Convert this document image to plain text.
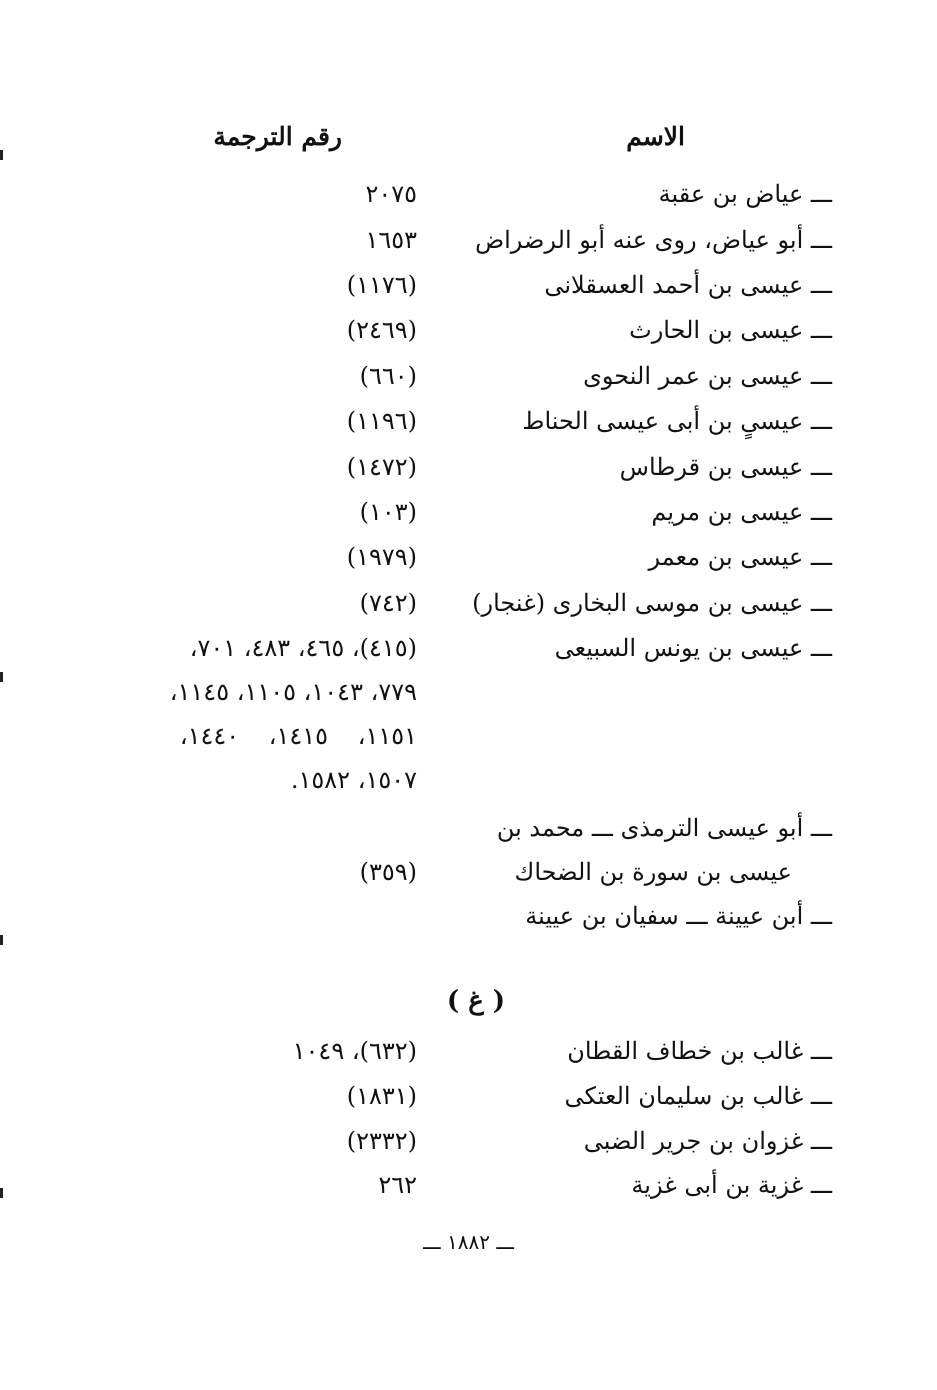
الاسم
رقم الترجمة
ـــ عياض بن عقبة
٢٠٧٥
ـــ أبو عياض، روى عنه أبو الرضراض
١٦٥٣
ـــ عيسى بن أحمد العسقلانى
(١١٧٦)
ـــ عيسى بن الحارث
(٢٤٦٩)
ـــ عيسى بن عمر النحوى
(٦٦٠)
ـــ عيسىٍ بن أبى عيسى الحناط
(١١٩٦)
ـــ عيسى بن قرطاس
(١٤٧٢)
ـــ عيسى بن مريم
(١٠٣)
ـــ عيسى بن معمر
(١٩٧٩)
ـــ عيسى بن موسى البخارى (غنجار)
(٧٤٢)
ـــ عيسى بن يونس السبيعى
(٤١٥)، ٤٦٥، ٤٨٣، ٧٠١،
٧٧٩، ١٠٤٣، ١١٠٥، ١١٤٥،
١١٥١، ١٤١٥، ١٤٤٠،
١٥٠٧، ١٥٨٢.
ـــ أبو عيسى الترمذى ـــ محمد بن
عيسى بن سورة بن الضحاك
(٣٥٩)
ـــ أبن عيينة ـــ سفيان بن عيينة
( غ )
ـــ غالب بن خطاف القطان
(٦٣٢)، ١٠٤٩
ـــ غالب بن سليمان العتكى
(١٨٣١)
ـــ غزوان بن جرير الضبى
(٢٣٣٢)
ـــ غزية بن أبى غزية
٢٦٢
ـــ ١٨٨٢ ـــ
